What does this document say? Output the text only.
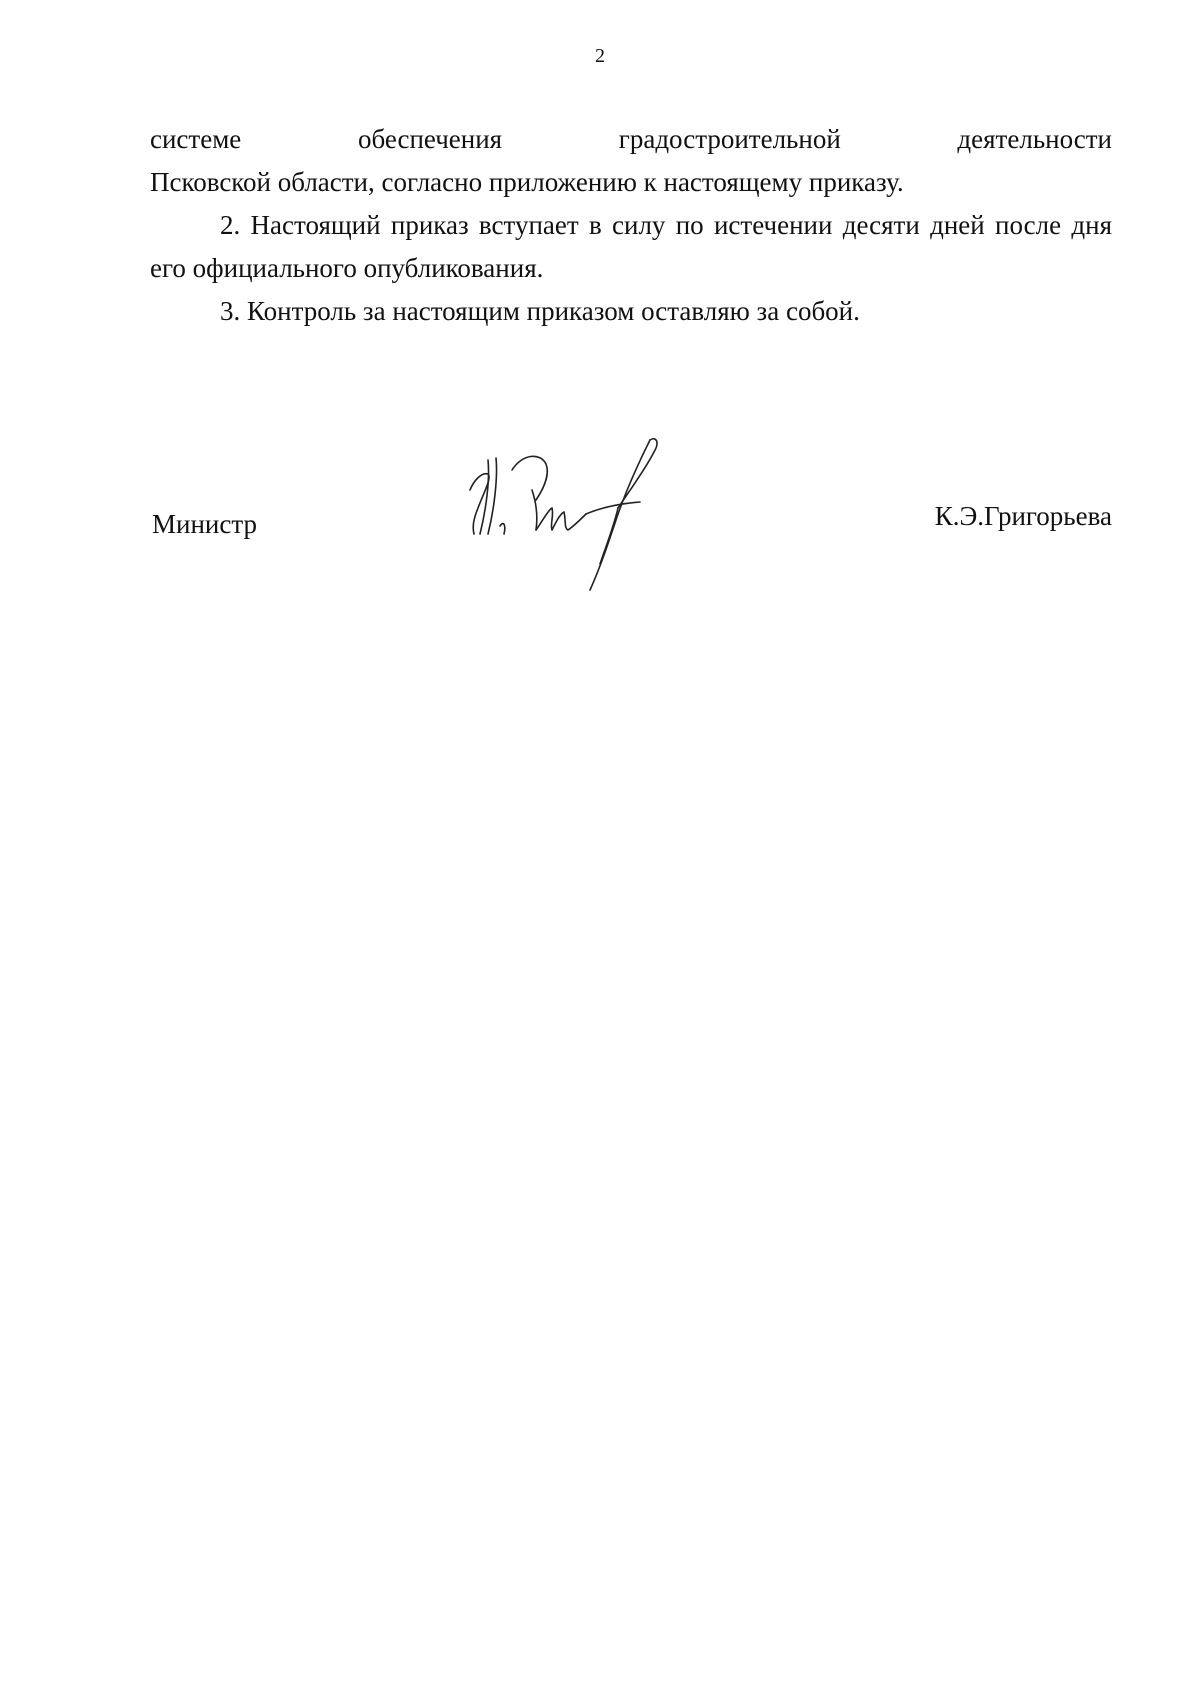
2
системе	обеспечения	градостроительной	деятельности

Псковской области, согласно приложению к настоящему приказу.

2. Настоящий приказ вступает в силу по истечении десяти дней после дня его официального опубликования.

3. Контроль за настоящим приказом оставляю за собой.

Министр	К.Э.Григорьева
